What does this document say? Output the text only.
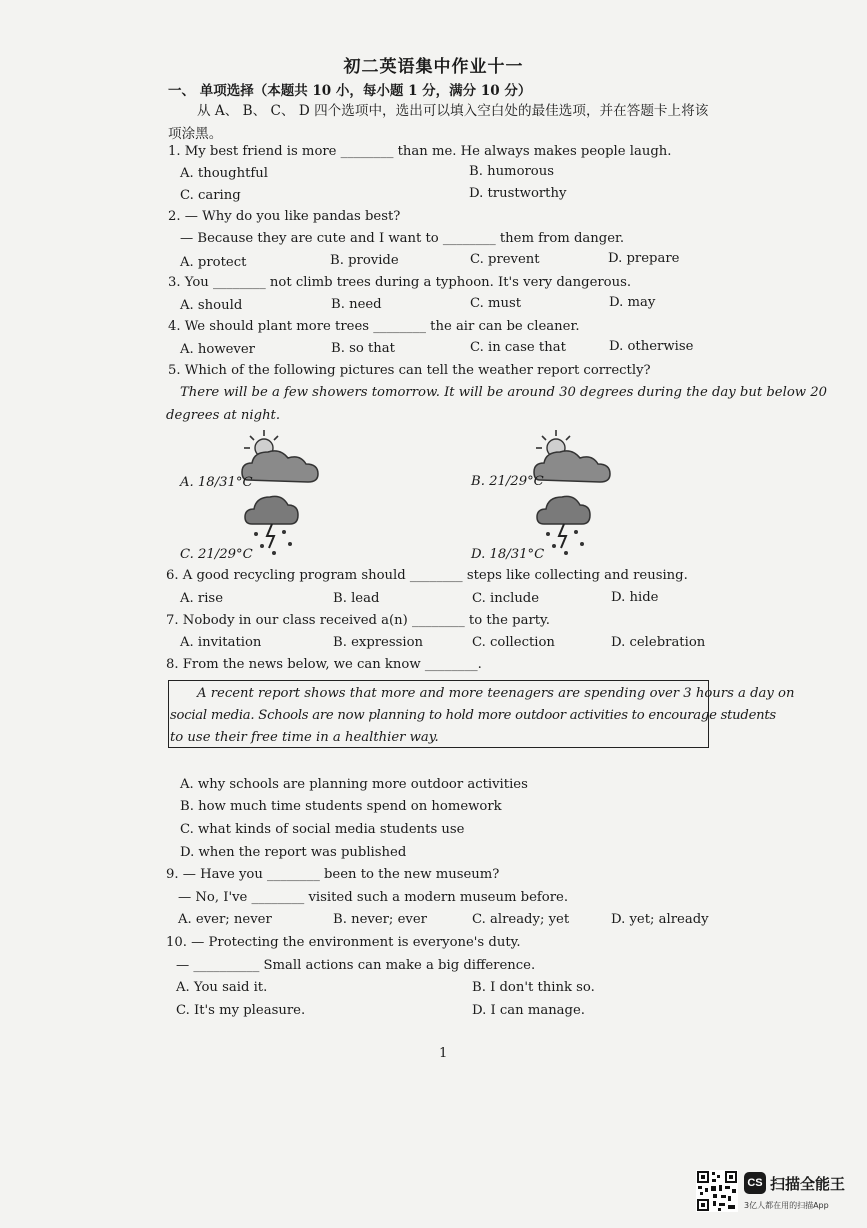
初二英语集中作业十一
一、 单项选择（本题共 10 小，每小题 1 分，满分 10 分）
从 A、 B、 C、 D 四个选项中，选出可以填入空白处的最佳选项，并在答题卡上将该
项涂黑。
1. My best friend is more ________ than me. He always makes people laugh.
A. thoughtful	B. humorous
C. caring	D. trustworthy
2. — Why do you like pandas best?
— Because they are cute and I want to ________ them from danger.
A. protect	B. provide	C. prevent	D. prepare
3. You ________ not climb trees during a typhoon. It's very dangerous.
A. should	B. need	C. must	D. may
4. We should plant more trees ________ the air can be cleaner.
A. however	B. so that	C. in case that	D. otherwise
5. Which of the following pictures can tell the weather report correctly?
There will be a few showers tomorrow. It will be around 30 degrees during the day but below 20
degrees at night.
A. 18/31°C	B. 21/29°C
C. 21/29°C	D. 18/31°C
6. A good recycling program should ________ steps like collecting and reusing.
A. rise	B. lead	C. include	D. hide
7. Nobody in our class received a(n) ________ to the party.
A. invitation	B. expression	C. collection	D. celebration
8. From the news below, we can know ________.
A recent report shows that more and more teenagers are spending over 3 hours a day on
social media. Schools are now planning to hold more outdoor activities to encourage students
to use their free time in a healthier way.
A. why schools are planning more outdoor activities
B. how much time students spend on homework
C. what kinds of social media students use
D. when the report was published
9. — Have you ________ been to the new museum?
— No, I've ________ visited such a modern museum before.
A. ever; never	B. never; ever	C. already; yet	D. yet; already
10. — Protecting the environment is everyone's duty.
— __________ Small actions can make a big difference.
A. You said it.	B. I don't think so.
C. It's my pleasure.	D. I can manage.
1
CS 扫描全能王
3亿人都在用的扫描App
